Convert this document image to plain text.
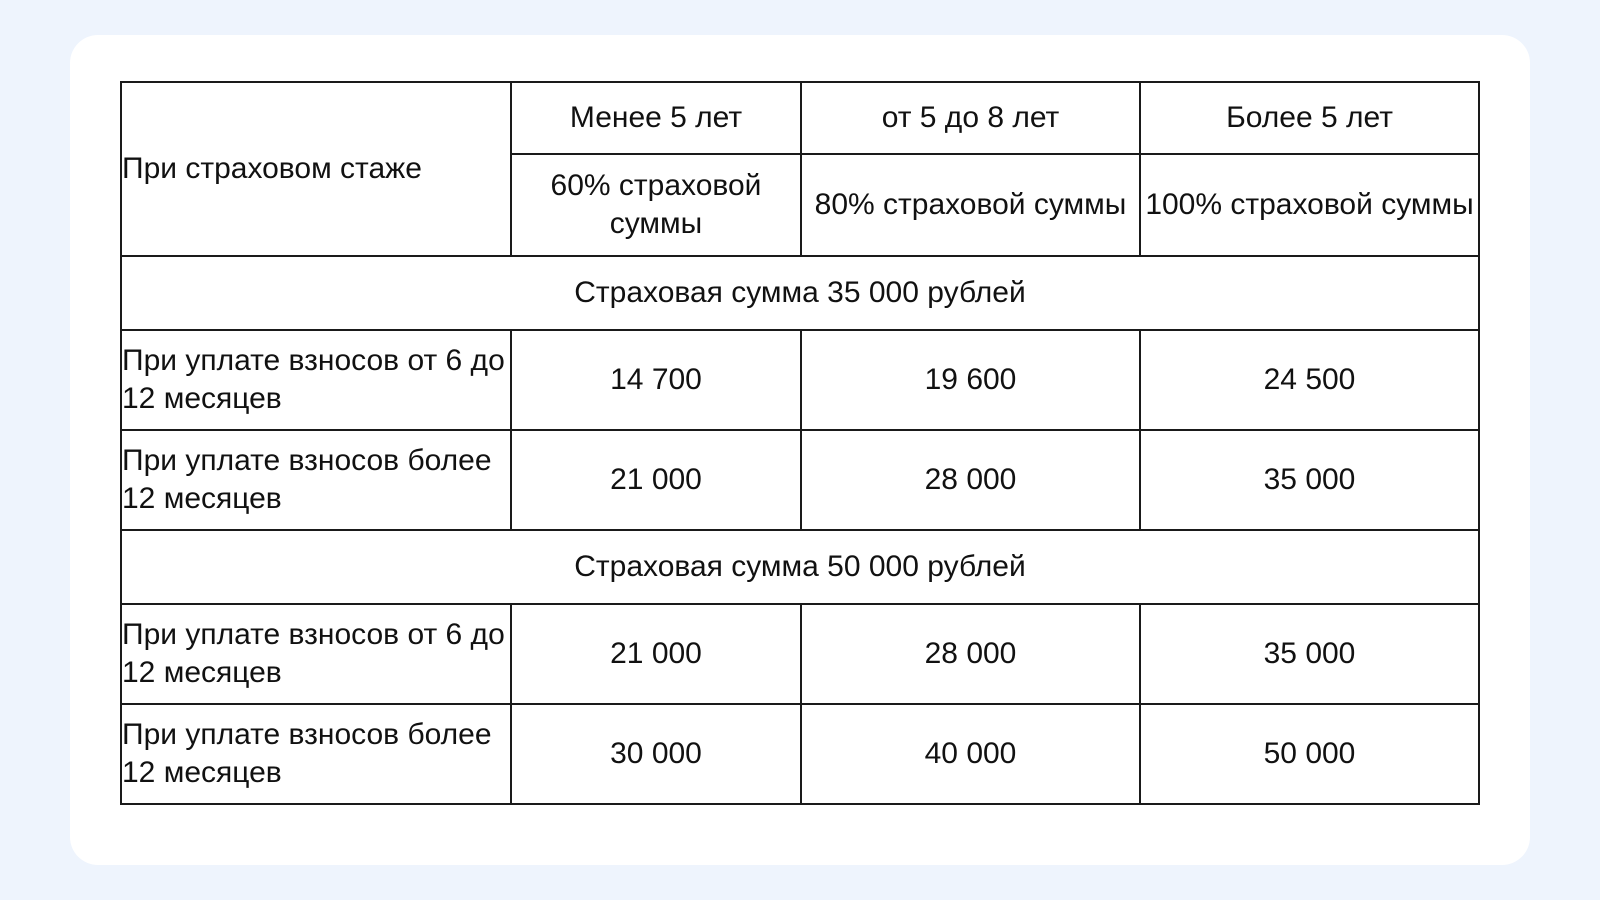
При страховом стаже	Менее 5 лет	от 5 до 8 лет	Более 5 лет
	60% страховой суммы	80% страховой суммы	100% страховой суммы
Страховая сумма 35 000 рублей			
При уплате взносов от 6 до 12 месяцев	14 700	19 600	24 500
При уплате взносов более 12 месяцев	21 000	28 000	35 000
Страховая сумма 50 000 рублей			
При уплате взносов от 6 до 12 месяцев	21 000	28 000	35 000
При уплате взносов более 12 месяцев	30 000	40 000	50 000
